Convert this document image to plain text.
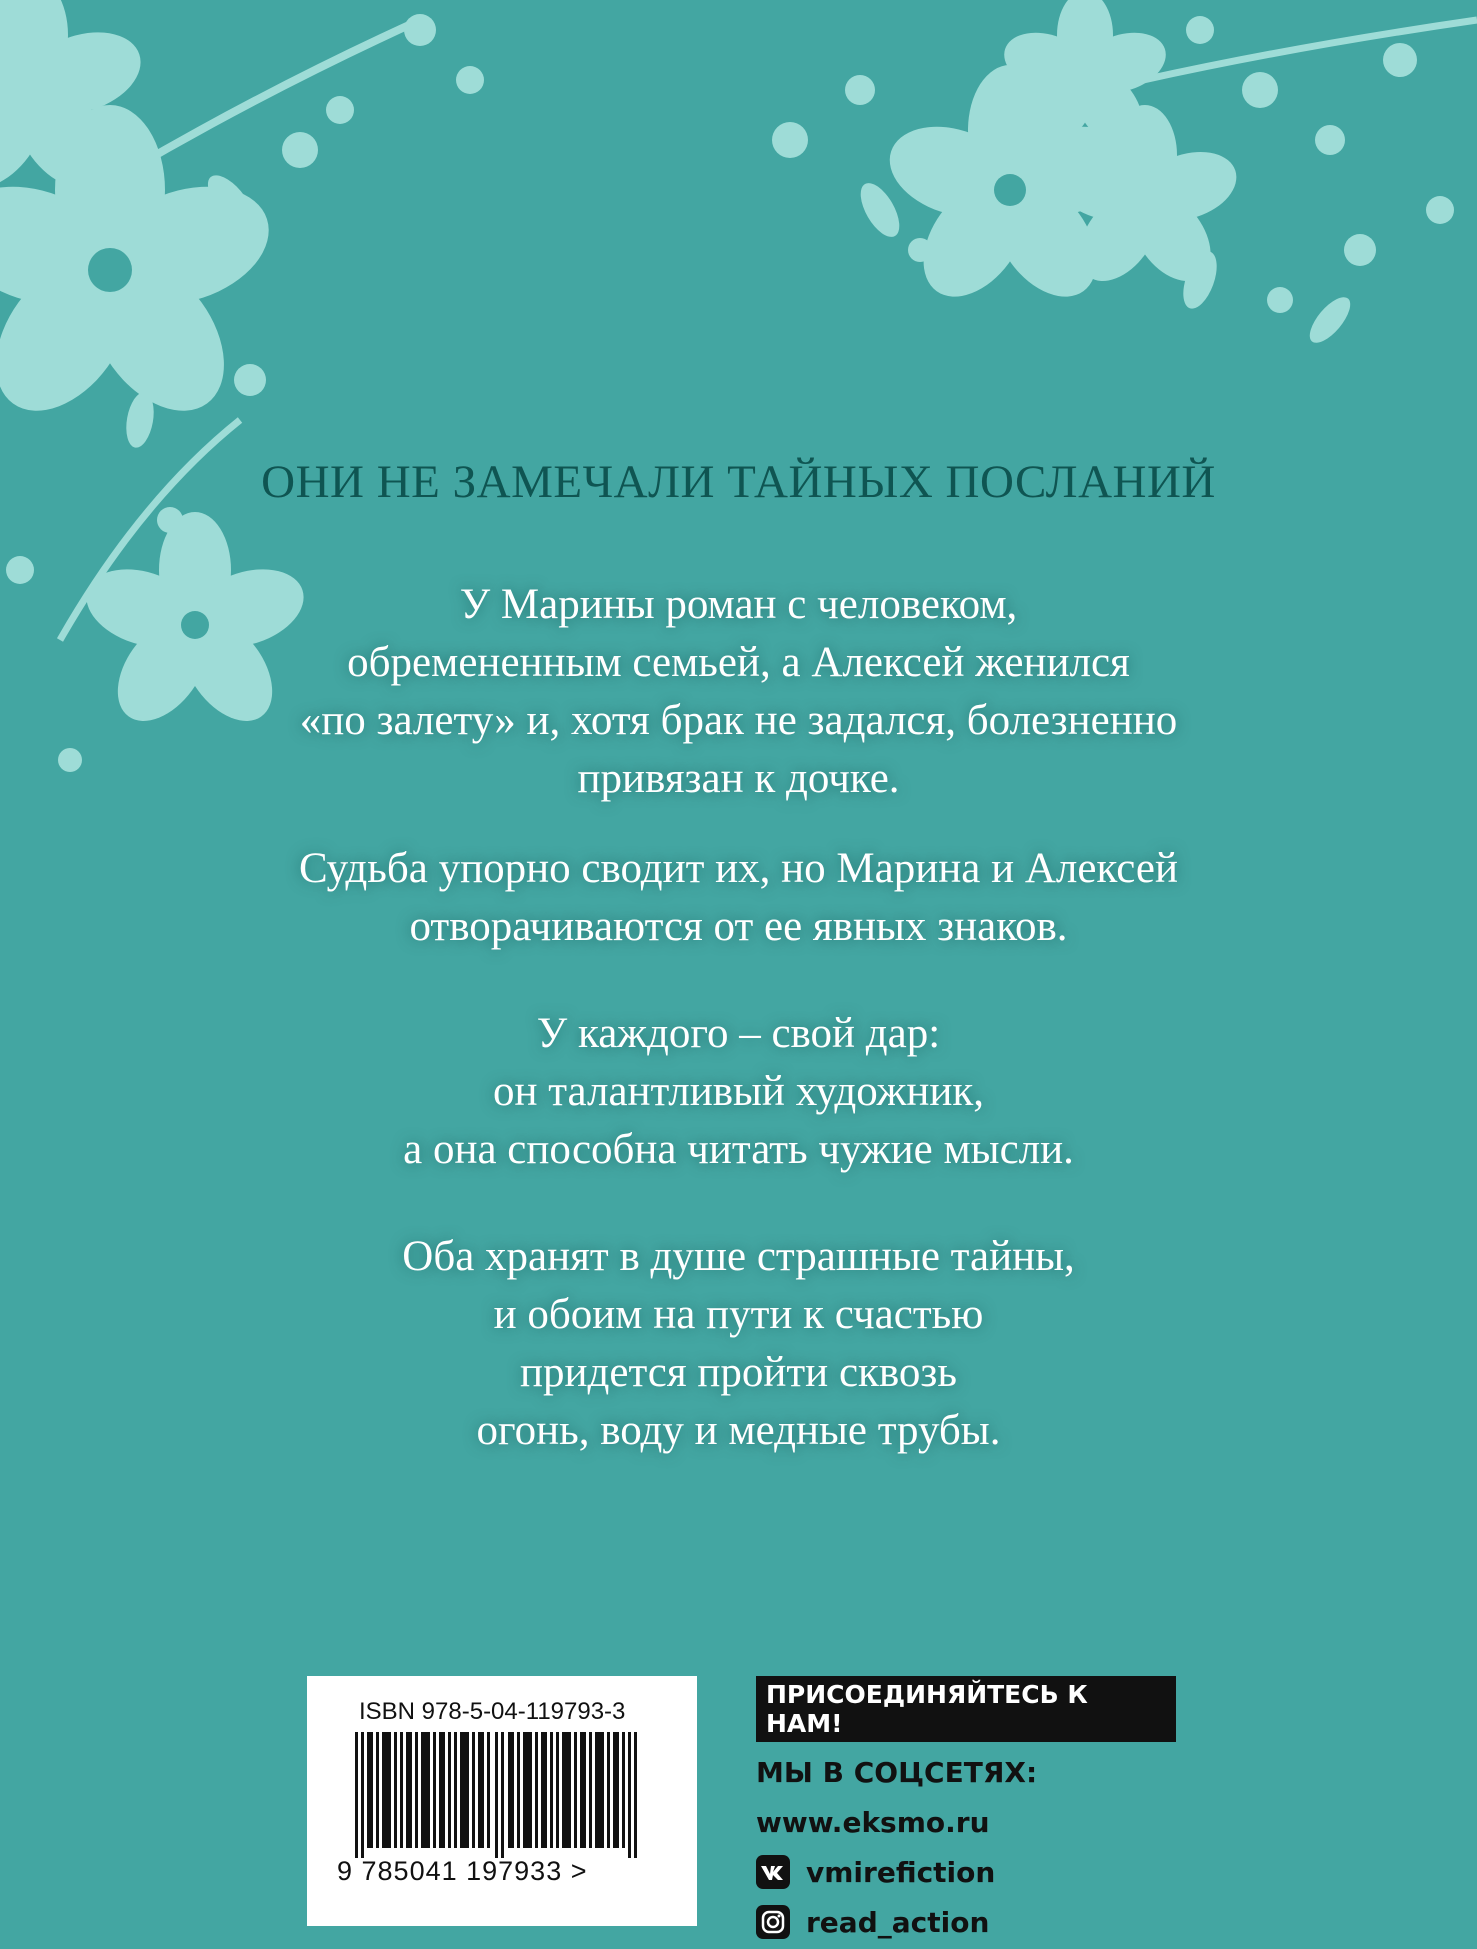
ОНИ НЕ ЗАМЕЧАЛИ ТАЙНЫХ ПОСЛАНИЙ
У Марины роман с человеком,
обремененным семьей, а Алексей женился
«по залету» и, хотя брак не задался, болезненно
привязан к дочке.
Судьба упорно сводит их, но Марина и Алексей
отворачиваются от ее явных знаков.
У каждого – свой дар:
он талантливый художник,
а она способна читать чужие мысли.
Оба хранят в душе страшные тайны,
и обоим на пути к счастью
придется пройти сквозь
огонь, воду и медные трубы.
ISBN 978-5-04-119793-3
9 785041 197933 >
ПРИСОЕДИНЯЙТЕСЬ К НАМ!
МЫ В СОЦСЕТЯХ:
www.eksmo.ru
vmirefiction
read_action
